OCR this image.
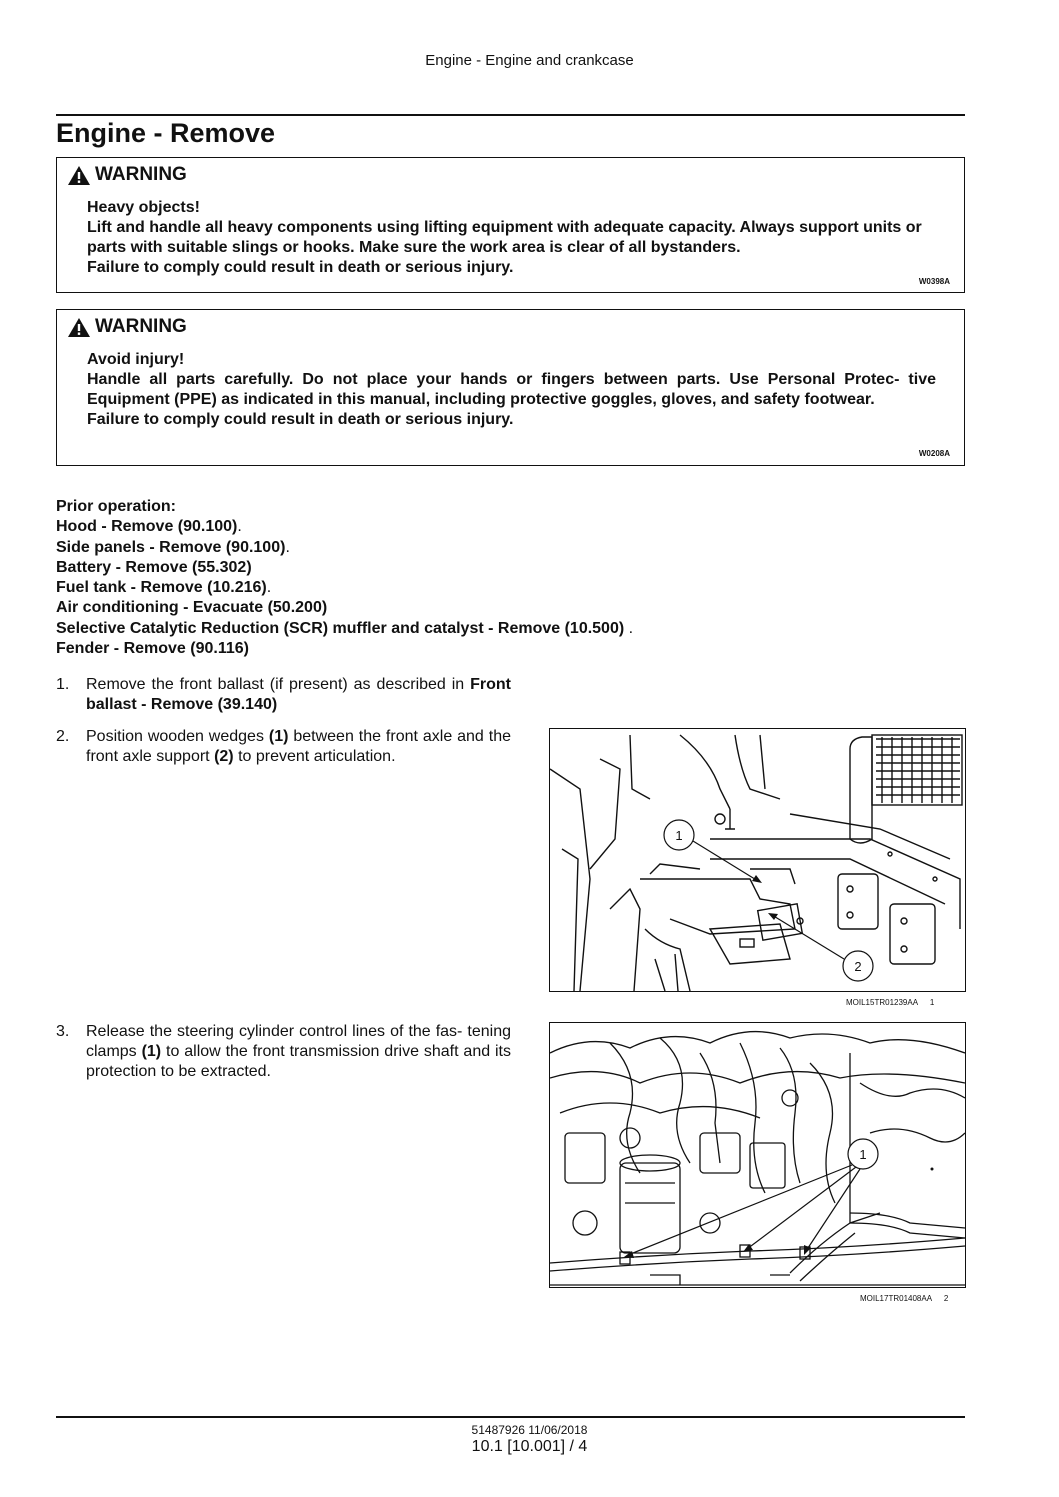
Engine - Engine and crankcase
Engine - Remove
WARNING
Heavy objects!
Lift and handle all heavy components using lifting equipment with adequate capacity. Always support units or parts with suitable slings or hooks. Make sure the work area is clear of all bystanders.
Failure to comply could result in death or serious injury.
W0398A
WARNING
Avoid injury!
Handle all parts carefully. Do not place your hands or fingers between parts. Use Personal Protec- tive Equipment (PPE) as indicated in this manual, including protective goggles, gloves, and safety footwear.
Failure to comply could result in death or serious injury.
W0208A
Prior operation:
Hood - Remove (90.100).
Side panels - Remove (90.100).
Battery - Remove (55.302)
Fuel tank - Remove (10.216).
Air conditioning - Evacuate (50.200)
Selective Catalytic Reduction (SCR) muffler and catalyst - Remove (10.500) .
Fender - Remove (90.116)
1. Remove the front ballast (if present) as described in Front ballast - Remove (39.140)
2. Position wooden wedges (1) between the front axle and the front axle support (2) to prevent articulation.
3. Release the steering cylinder control lines of the fas- tening clamps (1) to allow the front transmission drive shaft and its protection to be extracted.
1
2
MOIL15TR01239AA 1
1
MOIL17TR01408AA 2
51487926 11/06/2018
10.1 [10.001] / 4
